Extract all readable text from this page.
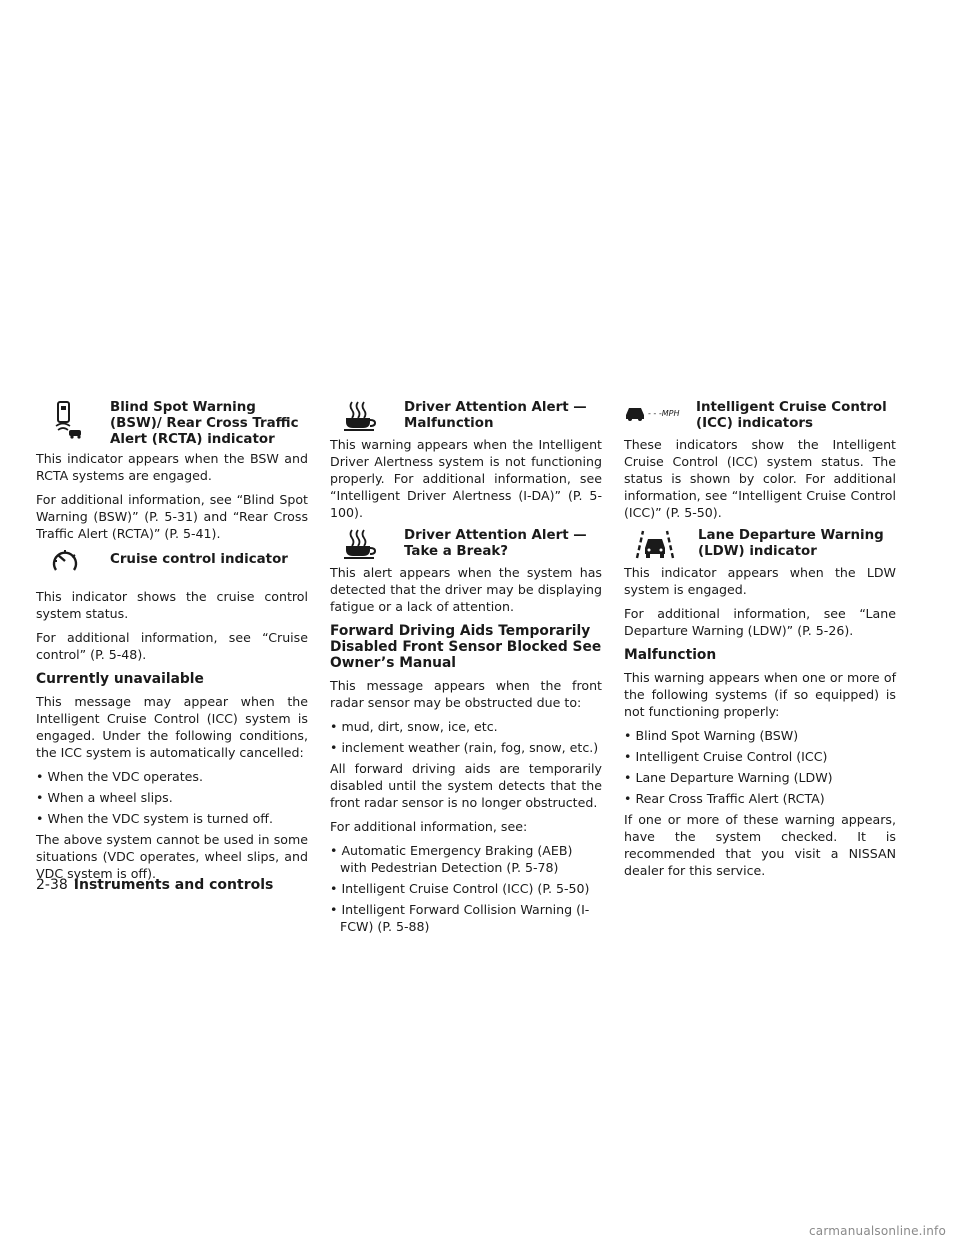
Blind Spot Warning (BSW)/ Rear Cross Traffic Alert (RCTA) indicator

This indicator appears when the BSW and RCTA systems are engaged.

For additional information, see “Blind Spot Warning (BSW)” (P. 5-31) and “Rear Cross Traffic Alert (RCTA)” (P. 5-41).

Cruise control indicator

This indicator shows the cruise control system status.

For additional information, see “Cruise control” (P. 5-48).

Currently unavailable

This message may appear when the Intelligent Cruise Control (ICC) system is engaged. Under the following conditions, the ICC system is automatically cancelled:

• When the VDC operates.
• When a wheel slips.
• When the VDC system is turned off.

The above system cannot be used in some situations (VDC operates, wheel slips, and VDC system is off).

Driver Attention Alert — Malfunction

This warning appears when the Intelligent Driver Alertness system is not functioning properly. For additional information, see “Intelligent Driver Alertness (I-DA)” (P. 5-100).

Driver Attention Alert — Take a Break?

This alert appears when the system has detected that the driver may be displaying fatigue or a lack of attention.

Forward Driving Aids Temporarily Disabled Front Sensor Blocked See Owner’s Manual

This message appears when the front radar sensor may be obstructed due to:

• mud, dirt, snow, ice, etc.
• inclement weather (rain, fog, snow, etc.)

All forward driving aids are temporarily disabled until the system detects that the front radar sensor is no longer obstructed.

For additional information, see:

• Automatic Emergency Braking (AEB) with Pedestrian Detection (P. 5-78)
• Intelligent Cruise Control (ICC) (P. 5-50)
• Intelligent Forward Collision Warning (I-FCW) (P. 5-88)
- - -MPH Intelligent Cruise Control (ICC) indicators

These indicators show the Intelligent Cruise Control (ICC) system status. The status is shown by color. For additional information, see “Intelligent Cruise Control (ICC)” (P. 5-50).

Lane Departure Warning (LDW) indicator

This indicator appears when the LDW system is engaged.

For additional information, see “Lane Departure Warning (LDW)” (P. 5-26).

Malfunction

This warning appears when one or more of the following systems (if so equipped) is not functioning properly:

• Blind Spot Warning (BSW)
• Intelligent Cruise Control (ICC)
• Lane Departure Warning (LDW)
• Rear Cross Traffic Alert (RCTA)

If one or more of these warning appears, have the system checked. It is recommended that you visit a NISSAN dealer for this service.

2-38 Instruments and controls
carmanualsonline.info
